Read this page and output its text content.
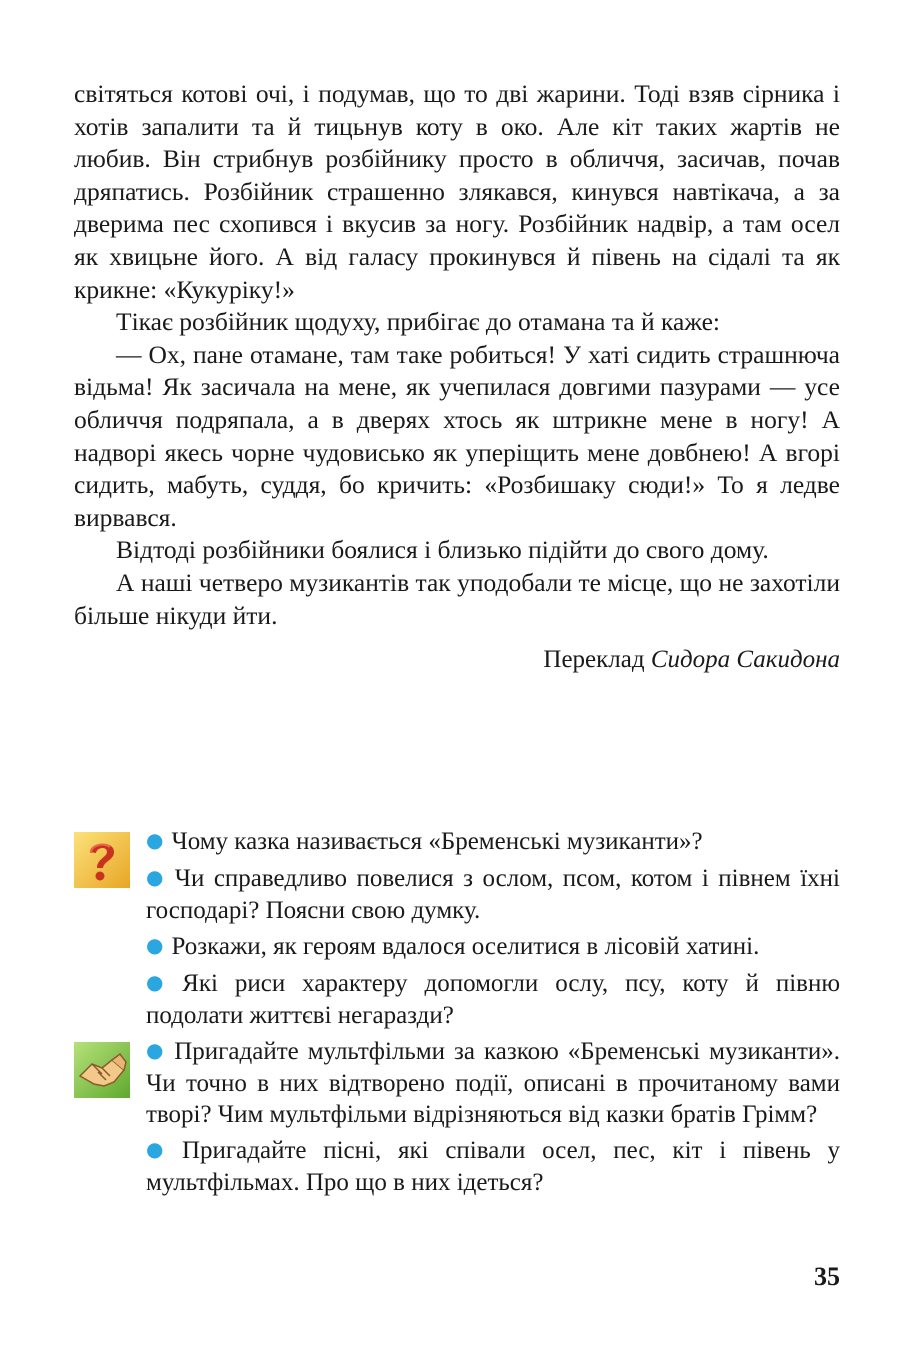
світяться котові очі, і подумав, що то дві жарини. Тоді взяв сірника і хотів запалити та й тицьнув коту в око. Але кіт таких жартів не любив. Він стрибнув розбійнику просто в обличчя, засичав, почав дряпатись. Розбійник страшенно злякався, кинувся навтікача, а за дверима пес схопився і вкусив за ногу. Розбійник надвір, а там осел як хвицьне його. А від галасу прокинувся й півень на сідалі та як крикне: «Кукуріку!»

Тікає розбійник щодуху, прибігає до отамана та й каже:

— Ох, пане отамане, там таке робиться! У хаті сидить страшнюча відьма! Як засичала на мене, як учепилася довгими пазурами — усе обличчя подряпала, а в дверях хтось як штрикне мене в ногу! А надворі якесь чорне чудовисько як уперіщить мене довбнею! А вгорі сидить, мабуть, суддя, бо кричить: «Розбишаку сюди!» То я ледве вирвався.

Відтоді розбійники боялися і близько підійти до свого дому.

А наші четверо музикантів так уподобали те місце, що не захотіли більше нікуди йти.

Переклад Сидора Сакидона

● Чому казка називається «Бременські музиканти»?

● Чи справедливо повелися з ослом, псом, котом і півнем їхні господарі? Поясни свою думку.

● Розкажи, як героям вдалося оселитися в лісовій хатині.

● Які риси характеру допомогли ослу, псу, коту й півню подолати життєві негаразди?

● Пригадайте мультфільми за казкою «Бременські музиканти». Чи точно в них відтворено події, описані в прочитаному вами творі? Чим мультфільми відрізняються від казки братів Грімм?

● Пригадайте пісні, які співали осел, пес, кіт і півень у мультфільмах. Про що в них ідеться?

35
